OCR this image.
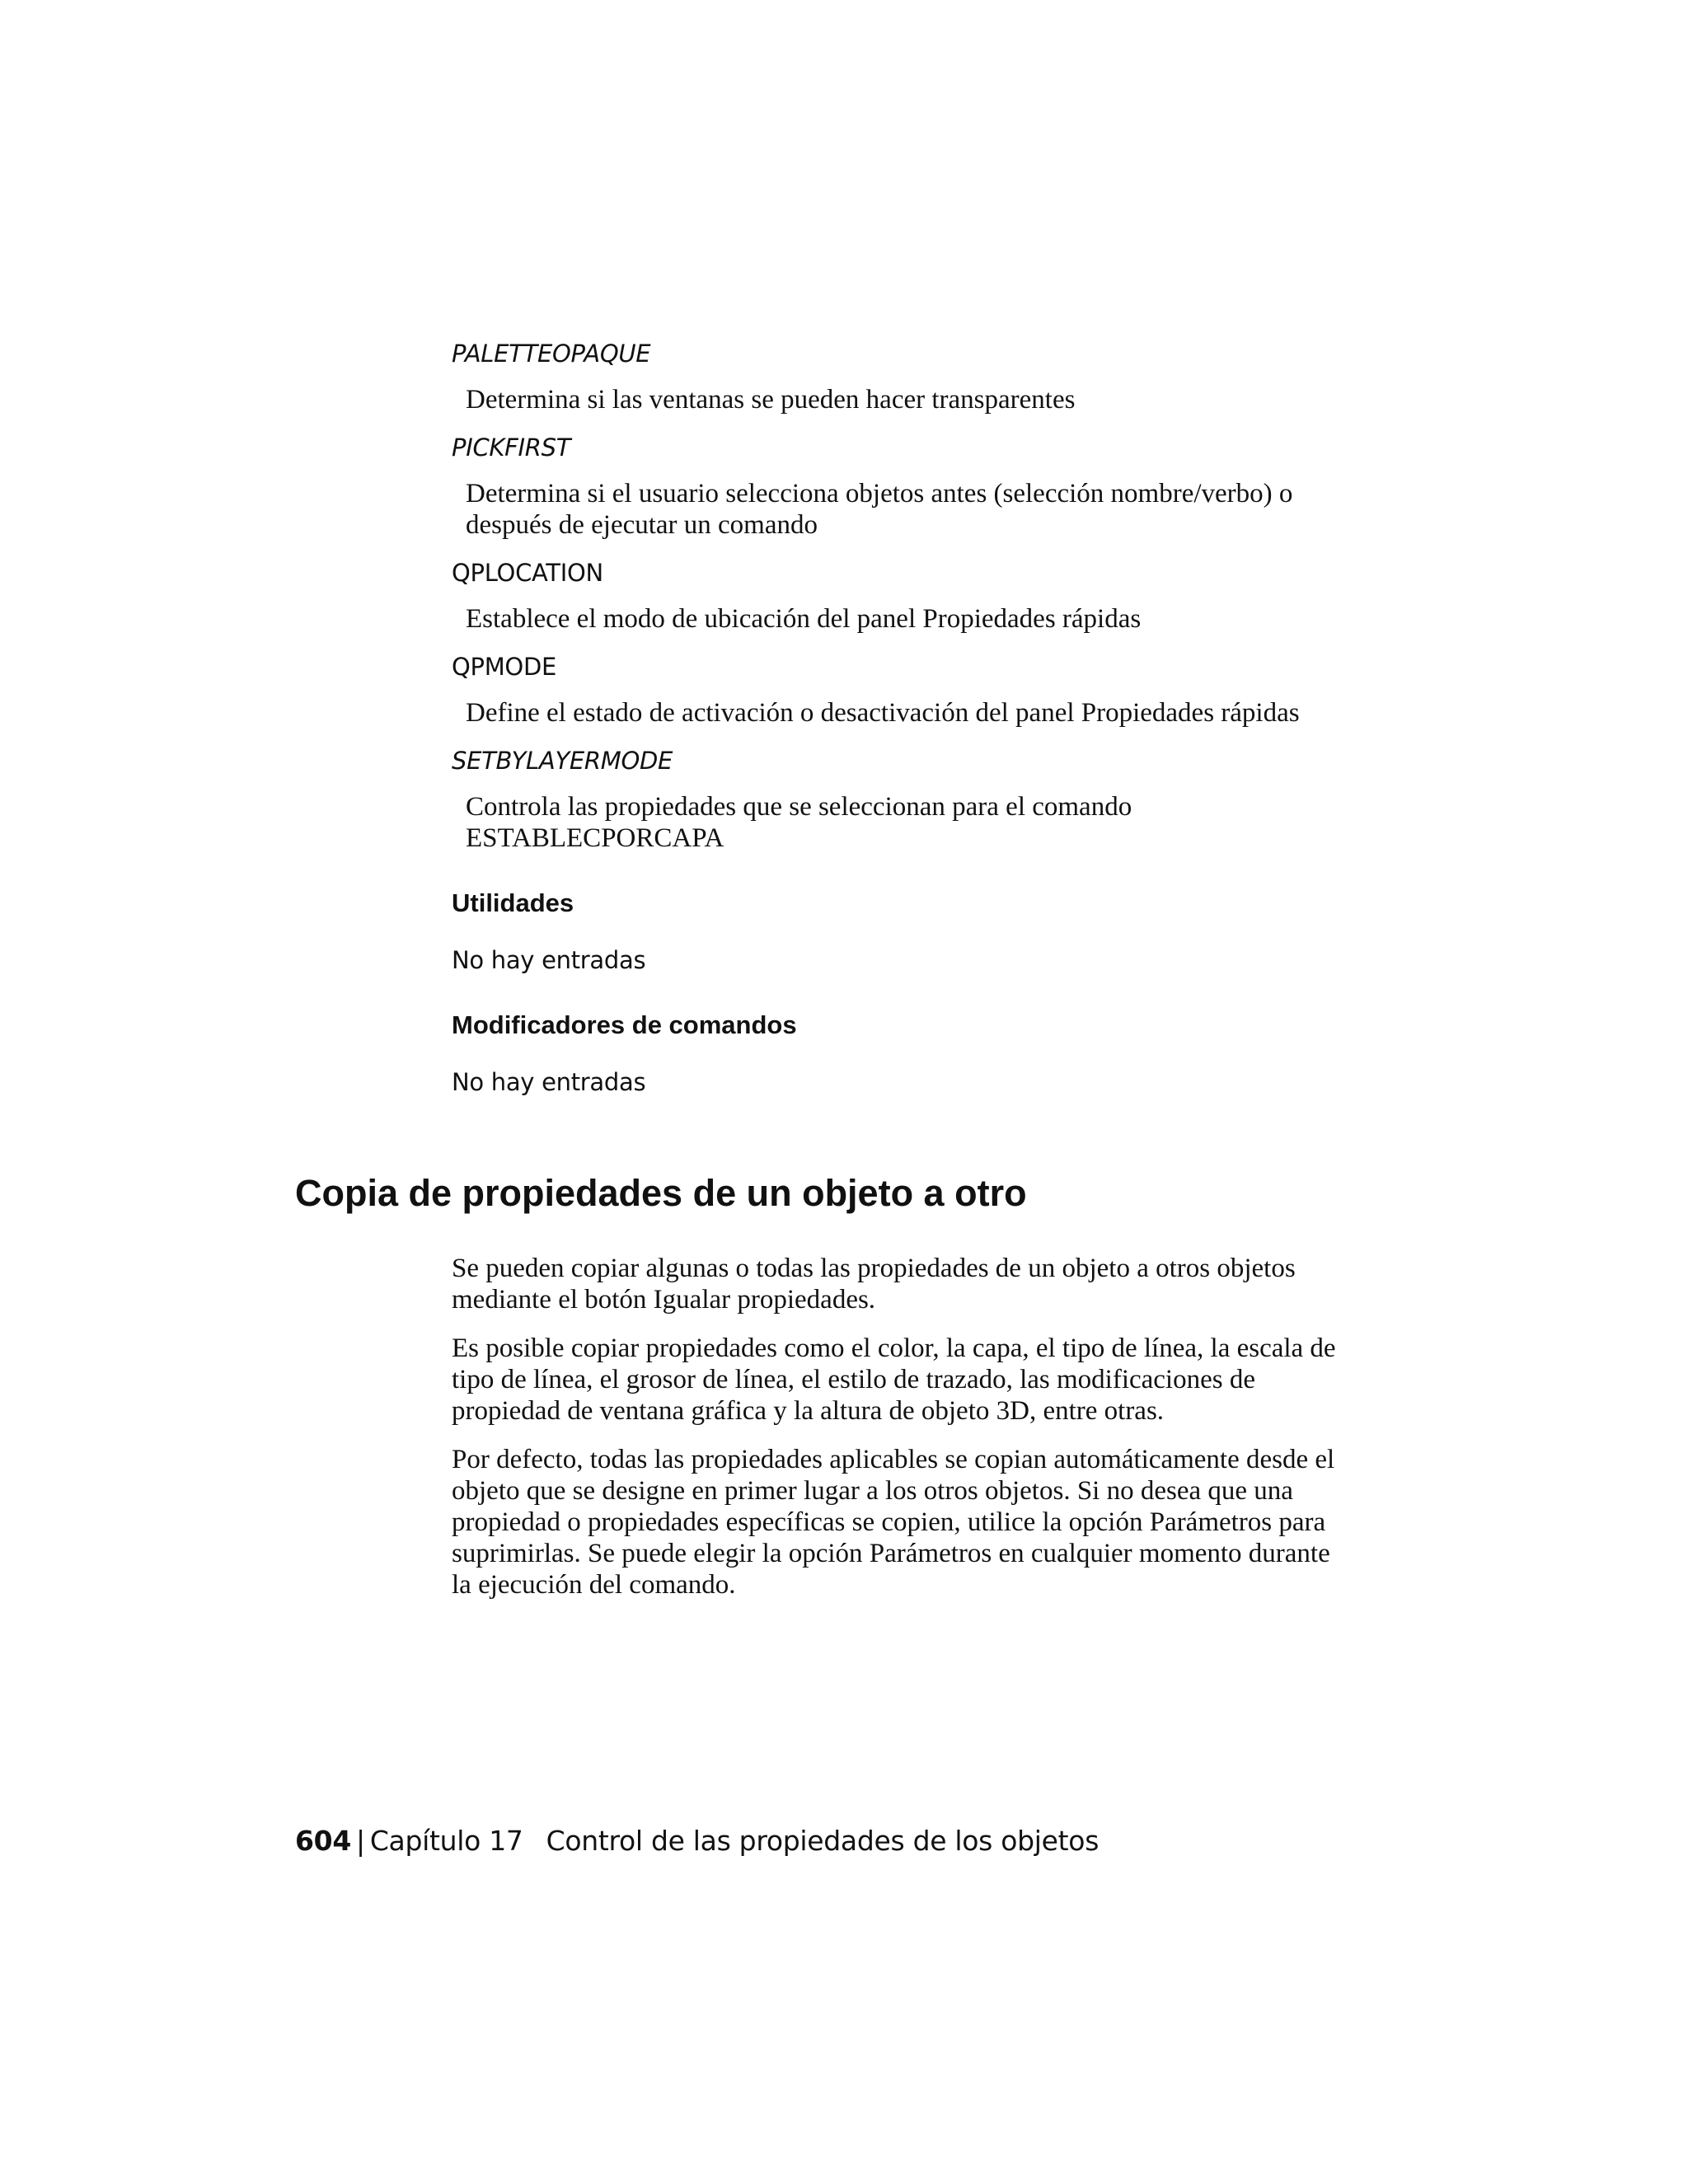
PALETTEOPAQUE

Determina si las ventanas se pueden hacer transparentes

PICKFIRST

Determina si el usuario selecciona objetos antes (selección nombre/verbo) o después de ejecutar un comando

QPLOCATION

Establece el modo de ubicación del panel Propiedades rápidas

QPMODE

Define el estado de activación o desactivación del panel Propiedades rápidas

SETBYLAYERMODE

Controla las propiedades que se seleccionan para el comando ESTABLECPORCAPA

Utilidades

No hay entradas

Modificadores de comandos

No hay entradas

Copia de propiedades de un objeto a otro

Se pueden copiar algunas o todas las propiedades de un objeto a otros objetos mediante el botón Igualar propiedades.

Es posible copiar propiedades como el color, la capa, el tipo de línea, la escala de tipo de línea, el grosor de línea, el estilo de trazado, las modificaciones de propiedad de ventana gráfica y la altura de objeto 3D, entre otras.

Por defecto, todas las propiedades aplicables se copian automáticamente desde el objeto que se designe en primer lugar a los otros objetos. Si no desea que una propiedad o propiedades específicas se copien, utilice la opción Parámetros para suprimirlas. Se puede elegir la opción Parámetros en cualquier momento durante la ejecución del comando.

604 | Capítulo 17 Control de las propiedades de los objetos
